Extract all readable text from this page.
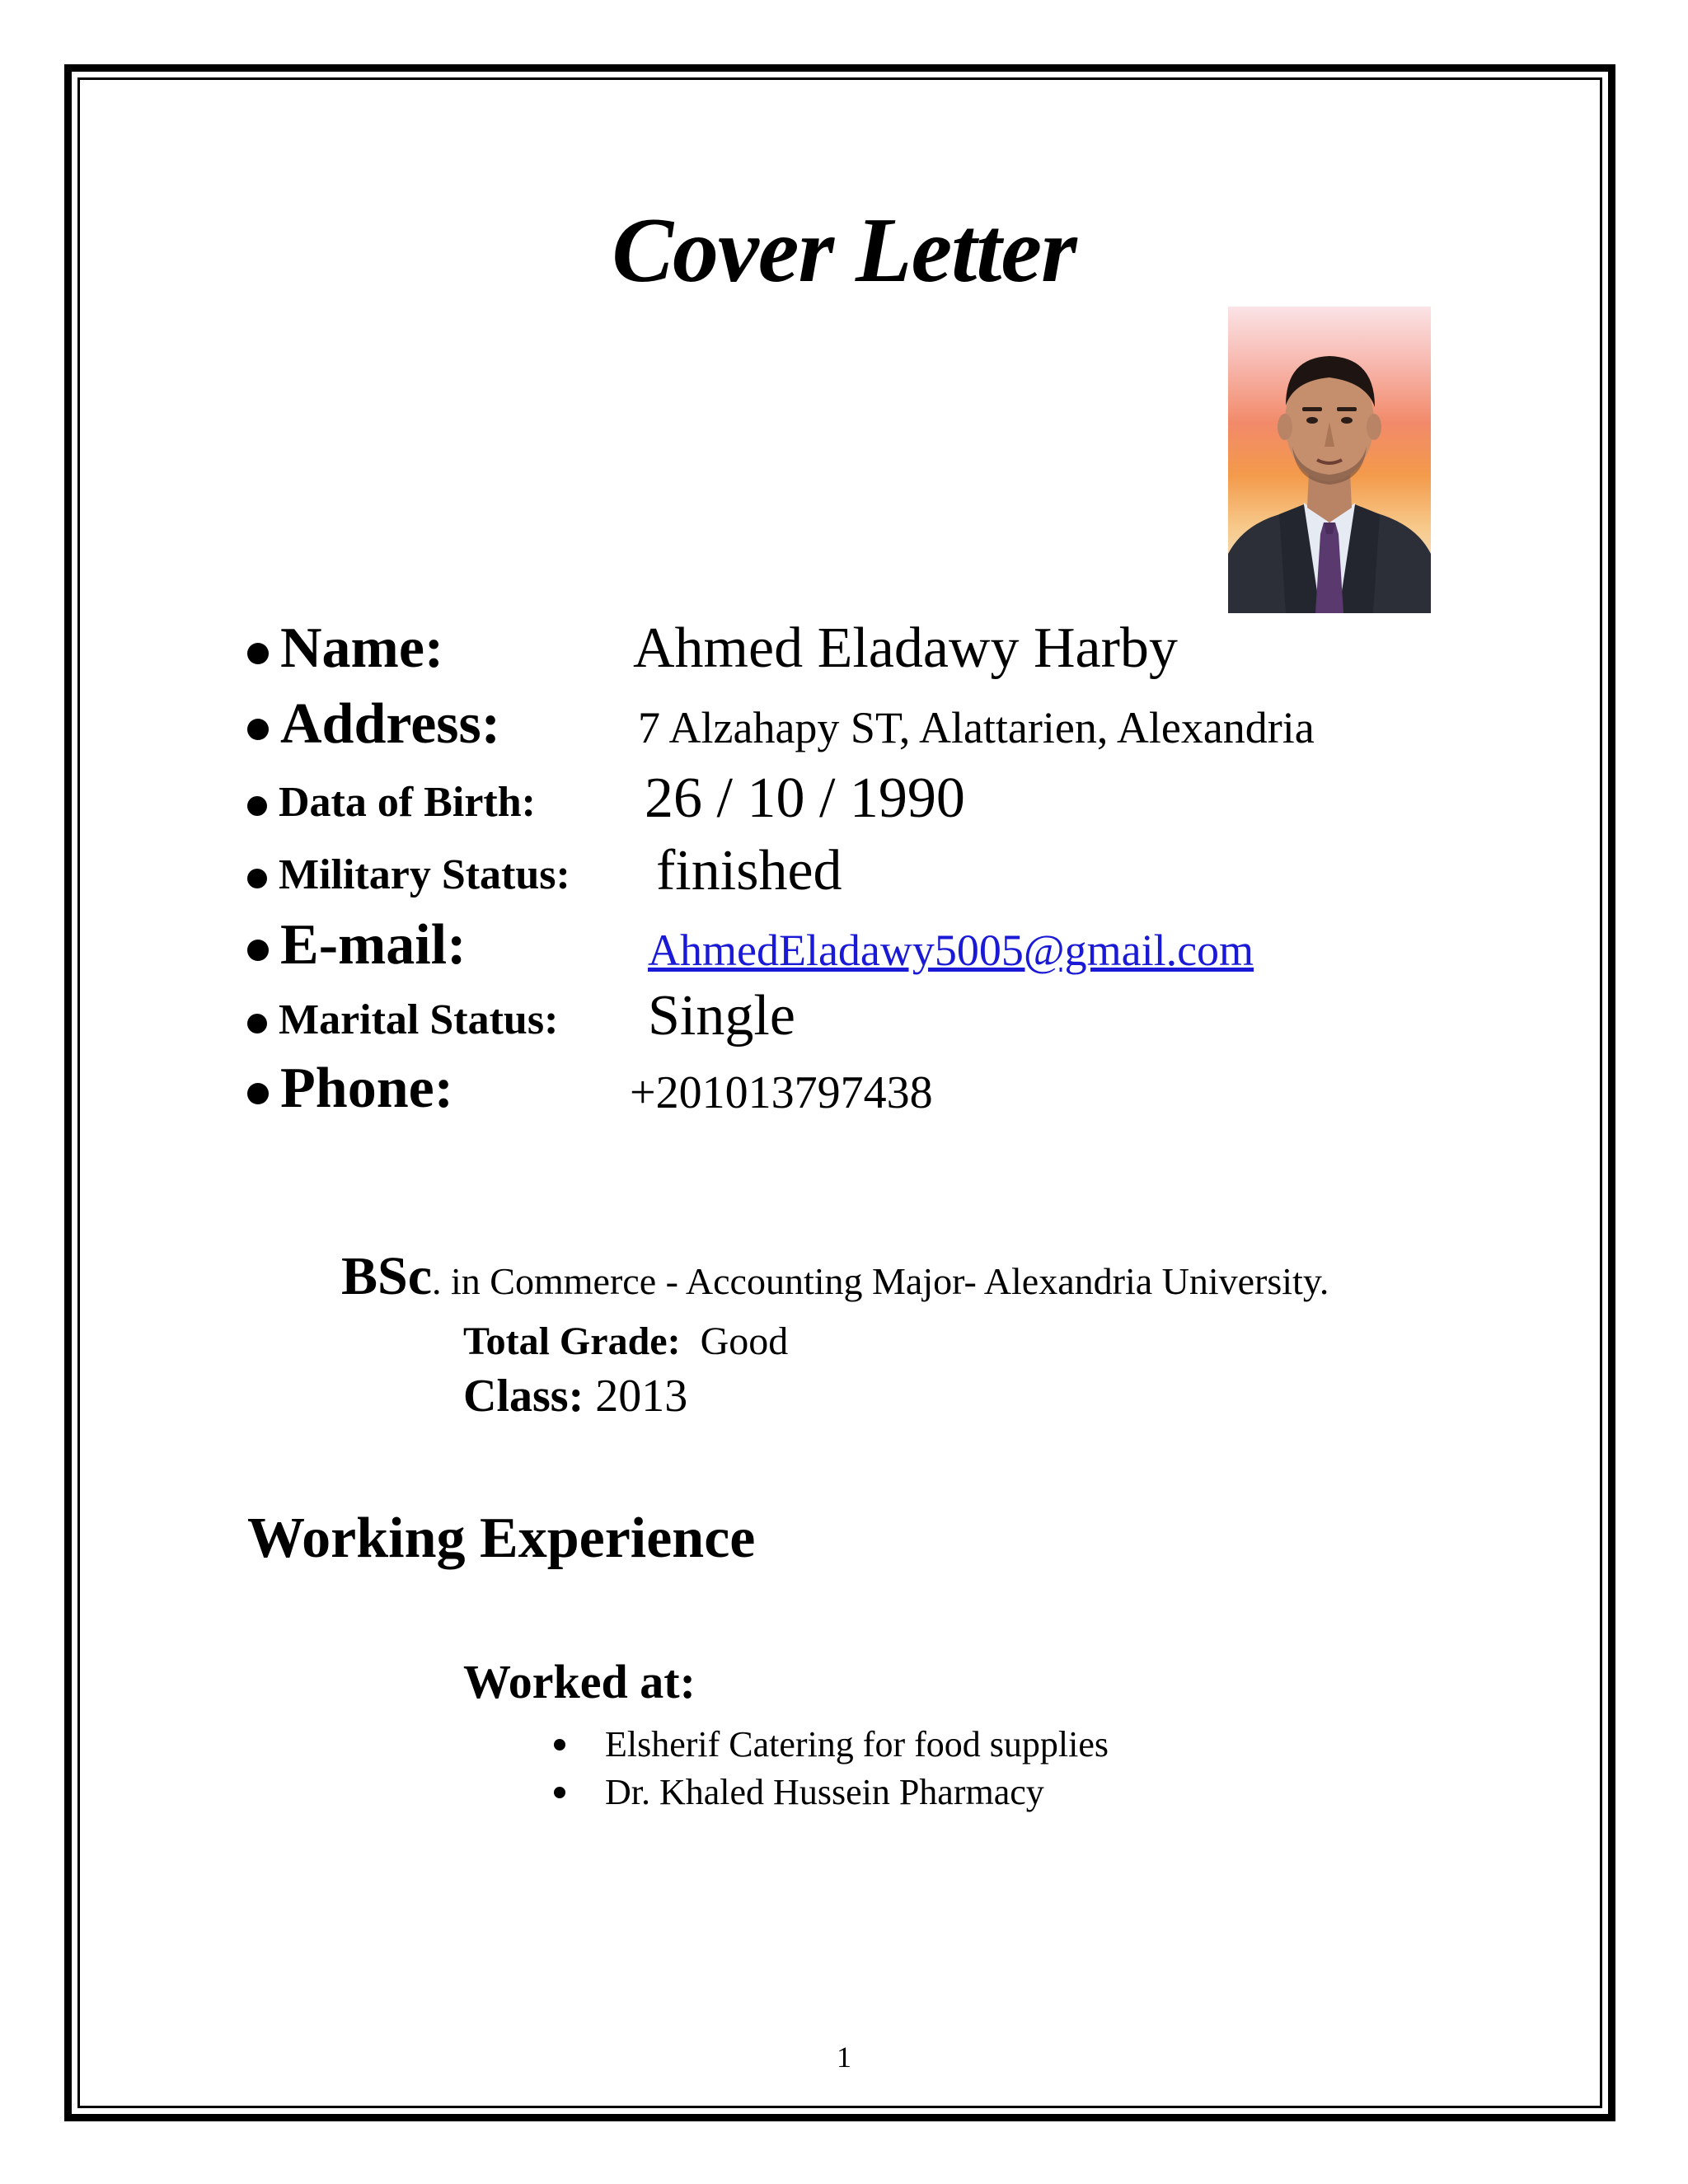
Cover Letter
Name:	Ahmed Eladawy Harby
Address:	7 Alzahapy ST, Alattarien, Alexandria
Data of Birth: 26 / 10 / 1990
Military Status: finished
E-mail:	AhmedEladawy5005@gmail.com
Marital Status: Single
Phone:	+201013797438
BSc. in Commerce - Accounting Major- Alexandria University.
Total Grade: Good
Class: 2013
Working Experience
Worked at:
Elsherif Catering for food supplies
Dr. Khaled Hussein Pharmacy
1
